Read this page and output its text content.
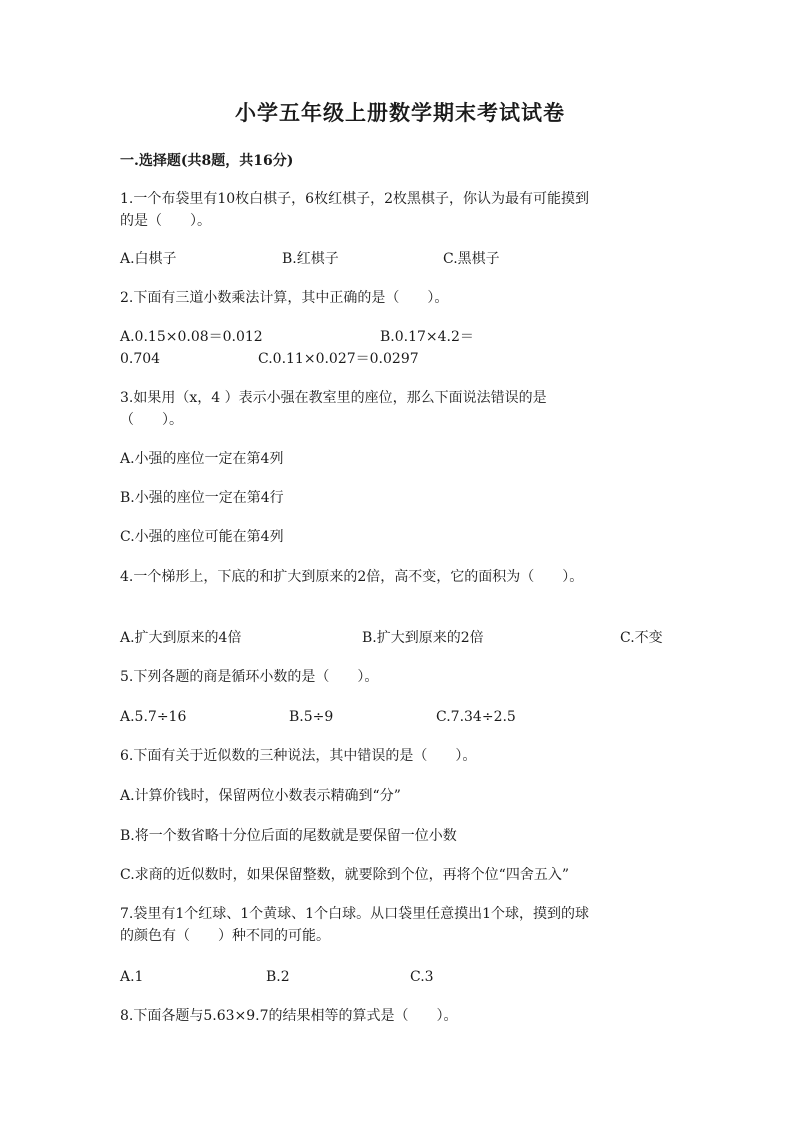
小学五年级上册数学期末考试试卷
一.选择题(共8题，共16分)
1.一个布袋里有10枚白棋子，6枚红棋子，2枚黑棋子，你认为最有可能摸到
的是（　　）。
A.白棋子	B.红棋子	C.黑棋子
2.下面有三道小数乘法计算，其中正确的是（　　）。
A.0.15×0.08＝0.012	B.0.17×4.2＝
0.704	C.0.11×0.027＝0.0297
3.如果用（x，4 ）表示小强在教室里的座位，那么下面说法错误的是
（　　）。
A.小强的座位一定在第4列
B.小强的座位一定在第4行
C.小强的座位可能在第4列
4.一个梯形上，下底的和扩大到原来的2倍，高不变，它的面积为（　　）。
A.扩大到原来的4倍	B.扩大到原来的2倍	C.不变
5.下列各题的商是循环小数的是（　　）。
A.5.7÷16	B.5÷9	C.7.34÷2.5
6.下面有关于近似数的三种说法，其中错误的是（　　）。
A.计算价钱时，保留两位小数表示精确到“分”
B.将一个数省略十分位后面的尾数就是要保留一位小数
C.求商的近似数时，如果保留整数，就要除到个位，再将个位“四舍五入”
7.袋里有1个红球、1个黄球、1个白球。从口袋里任意摸出1个球，摸到的球
的颜色有（　　）种不同的可能。
A.1	B.2	C.3
8.下面各题与5.63×9.7的结果相等的算式是（　　）。
